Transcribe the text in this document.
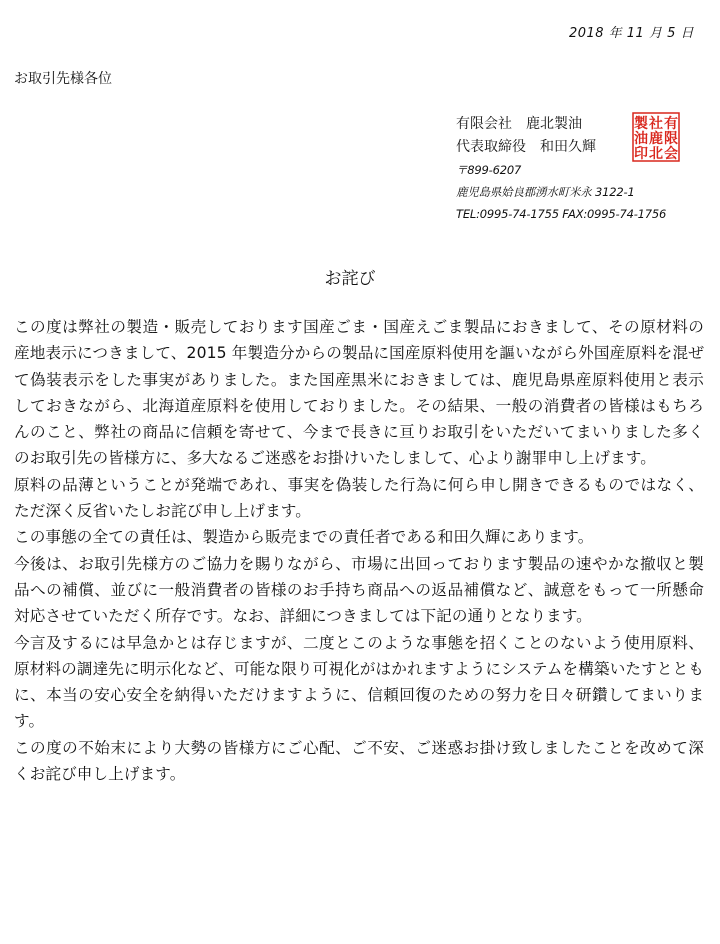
2018 年 11 月 5 日
お取引先様各位
有限会社 鹿北製油
代表取締役 和田久輝
〒899-6207
鹿児島県姶良郡湧水町米永 3122-1
TEL:0995-74-1755 FAX:0995-74-1756
製 社 有
油 鹿 限
印 北 会
お詫び

この度は弊社の製造・販売しております国産ごま・国産えごま製品におきまして、その原材料の産地表示につきまして、2015 年製造分からの製品に国産原料使用を謳いながら外国産原料を混ぜて偽装表示をした事実がありました。また国産黒米におきましては、鹿児島県産原料使用と表示しておきながら、北海道産原料を使用しておりました。その結果、一般の消費者の皆様はもちろんのこと、弊社の商品に信頼を寄せて、今まで長きに亘りお取引をいただいてまいりました多くのお取引先の皆様方に、多大なるご迷惑をお掛けいたしまして、心より謝罪申し上げます。

原料の品薄ということが発端であれ、事実を偽装した行為に何ら申し開きできるものではなく、ただ深く反省いたしお詫び申し上げます。

この事態の全ての責任は、製造から販売までの責任者である和田久輝にあります。

今後は、お取引先様方のご協力を賜りながら、市場に出回っております製品の速やかな撤収と製品への補償、並びに一般消費者の皆様のお手持ち商品への返品補償など、誠意をもって一所懸命対応させていただく所存です。なお、詳細につきましては下記の通りとなります。

今言及するには早急かとは存じますが、二度とこのような事態を招くことのないよう使用原料、原材料の調達先に明示化など、可能な限り可視化がはかれますようにシステムを構築いたすとともに、本当の安心安全を納得いただけますように、信頼回復のための努力を日々研鑽してまいります。

この度の不始末により大勢の皆様方にご心配、ご不安、ご迷惑お掛け致しましたことを改めて深くお詫び申し上げます。
